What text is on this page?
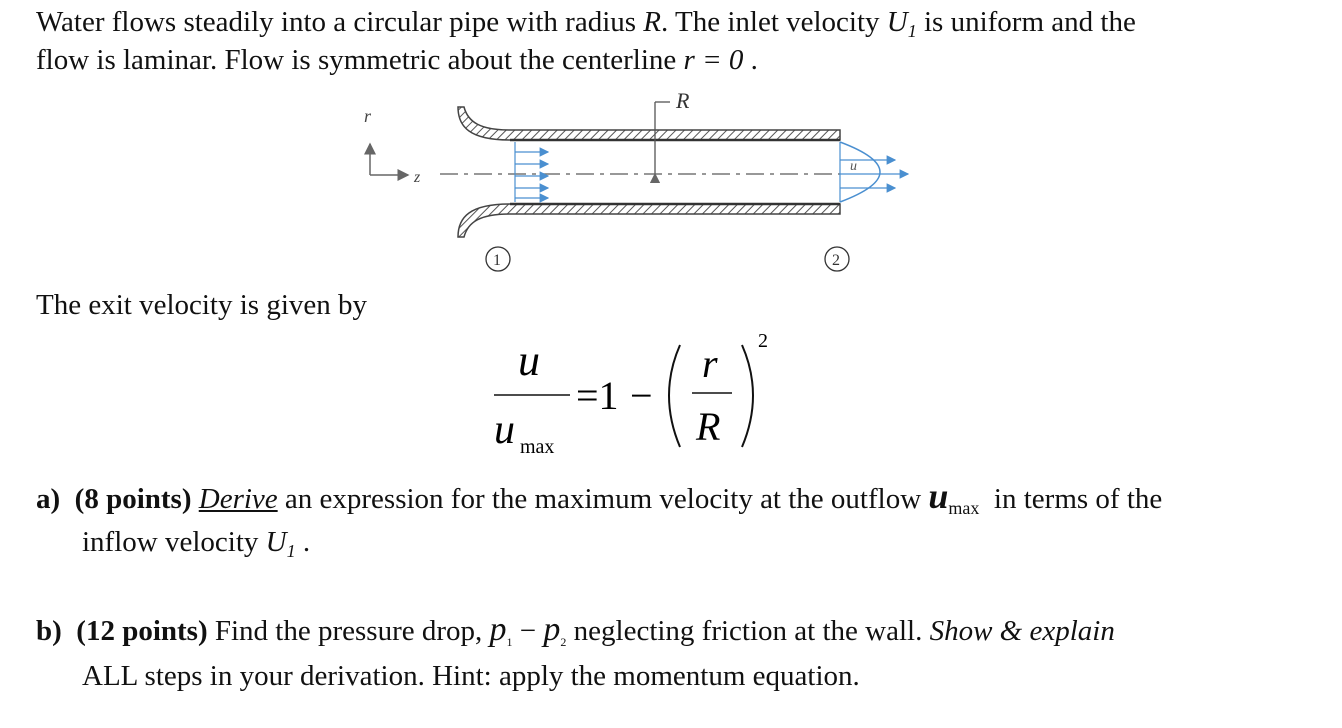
Water flows steadily into a circular pipe with radius R. The inlet velocity $U_1$ is uniform and the
flow is laminar. Flow is symmetric about the centerline r = 0 .
r
z
R
u
1	2
The exit velocity is given by
u
u max
=1 −
r
R
2
a) (8 points) Derive an expression for the maximum velocity at the outflow $u_{max}$  in terms of the
inflow velocity $U_1$ .
b) (12 points) Find the pressure drop, $p_1 - p_2$ neglecting friction at the wall. Show & explain
ALL steps in your derivation. Hint: apply the momentum equation.
